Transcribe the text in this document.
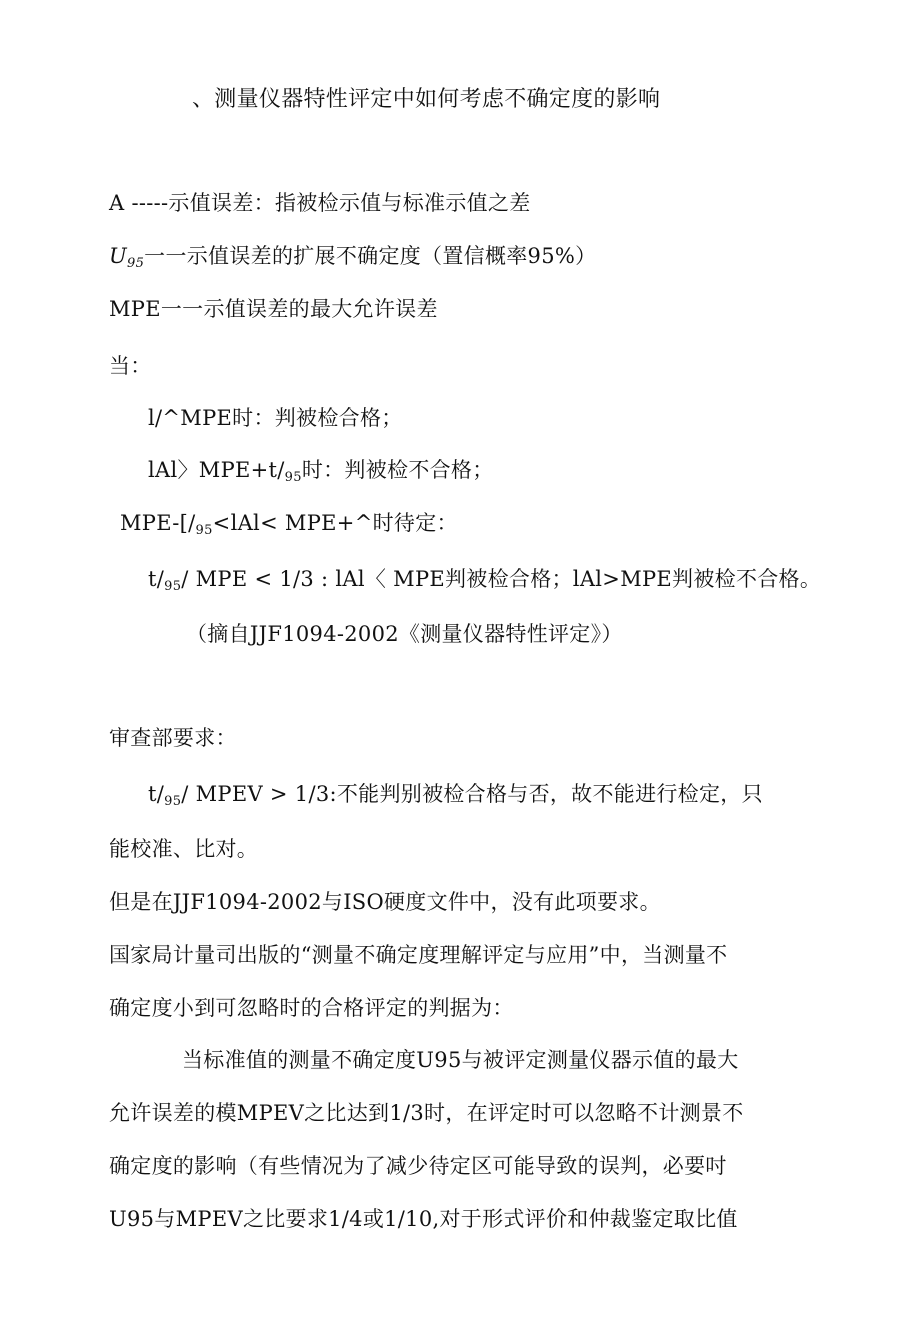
、测量仪器特性评定中如何考虑不确定度的影响
A -----示值误差：指被检示值与标准示值之差
$U_{95}$一一示值误差的扩展不确定度（置信概率95%）
MPE一一示值误差的最大允许误差
当：
l/^MPE时：判被检合格；
lAl〉$MPE+t/_{95}$时：判被检不合格；
MPE-[$/_{95}<lAl<$ MPE+^时待定：
$t/_{95}/$ MPE < 1/3 : lAl〈 MPE判被检合格；lAl>MPE判被检不合格。
（摘自JJF1094-2002《测量仪器特性评定》）
审查部要求：
$t/_{95}/$ MPEV > 1/3:不能判别被检合格与否，故不能进行检定，只
能校准、比对。
但是在JJF1094-2002与ISO硬度文件中，没有此项要求。
国家局计量司出版的“测量不确定度理解评定与应用”中，当测量不
确定度小到可忽略时的合格评定的判据为：
当标准值的测量不确定度U95与被评定测量仪器示值的最大
允许误差的模MPEV之比达到1/3时，在评定时可以忽略不计测景不
确定度的影响（有些情况为了减少待定区可能导致的误判，必要吋
U95与MPEV之比要求1/4或1/10,对于形式评价和仲裁鉴定取比值
